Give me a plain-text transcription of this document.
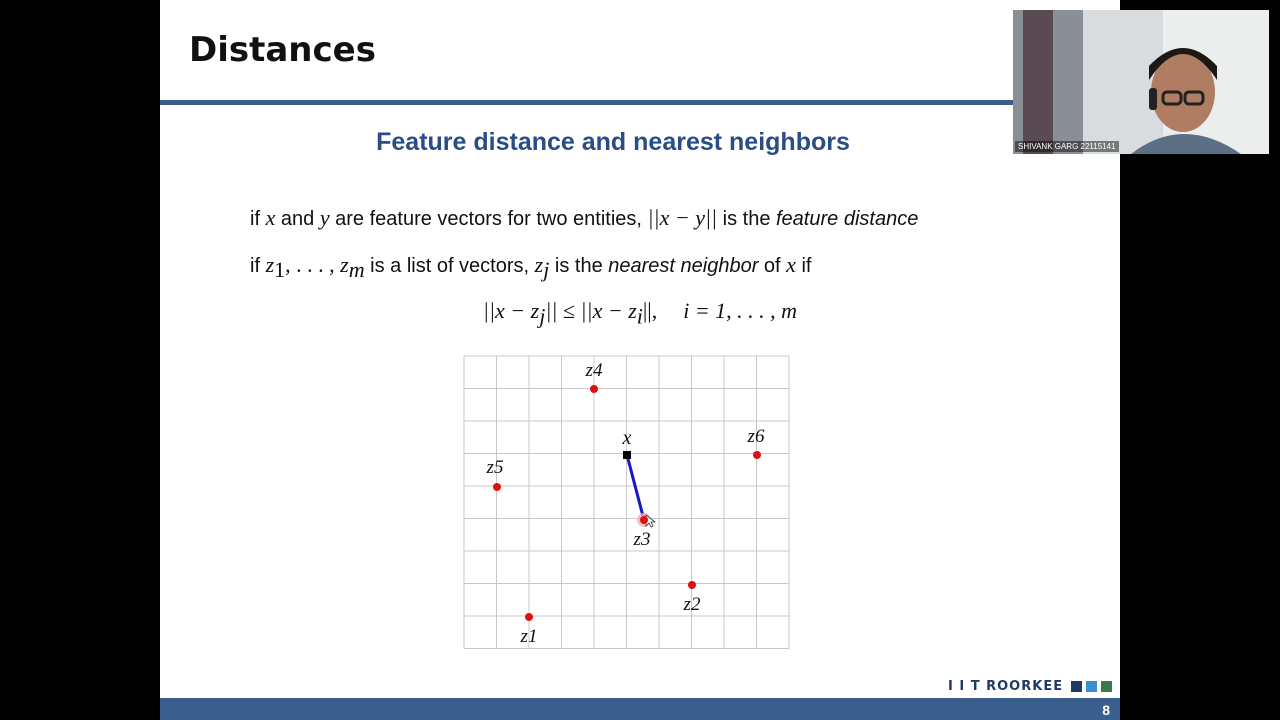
Distances
Feature distance and nearest neighbors
if x and y are feature vectors for two entities, ||x − y|| is the feature distance
if $z_1$, . . . , $z_m$ is a list of vectors, $z_j$ is the nearest neighbor of x if
$||x - z_j|| \le ||x - z_i||$, i = 1, . . . , m
x
z1
z2
z3
z4
z5
z6
I I T ROORKEE
8
SHIVANK GARG 22115141
